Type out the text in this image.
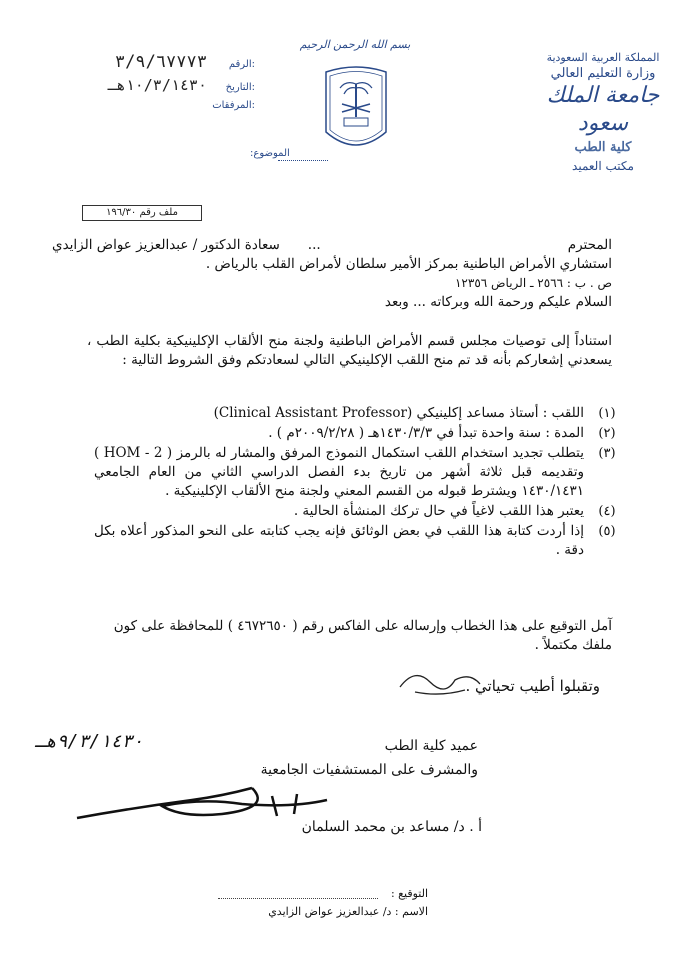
المملكة العربية السعودية
وزارة التعليم العالي
جامعة الملك سعود
كلية الطب
مكتب العميد
بسم الله الرحمن الرحيم
الرقم:
٣/٩/٦٧٧٧٣
التاريخ:
١٠/٣/١٤٣٠هـ
المرفقات:
الموضوع:
ملف رقم ١٩٦/٣٠
سعادة الدكتور / عبدالعزيز عواض الزايدي ...	المحترم
استشاري الأمراض الباطنية بمركز الأمير سلطان لأمراض القلب بالرياض .
ص . ب : ٢٥٦٦ ـ الرياض ١٢٣٥٦
السلام عليكم ورحمة الله وبركاته ... وبعد
استناداً إلى توصيات مجلس قسم الأمراض الباطنية ولجنة منح الألقاب الإكلينيكية بكلية الطب ، يسعدني إشعاركم بأنه قد تم منح اللقب الإكلينيكي التالي لسعادتكم وفق الشروط التالية :
(١)
اللقب : أستاذ مساعد إكلينيكي (Clinical Assistant Professor)
(٢)
المدة : سنة واحدة تبدأ في ١٤٣٠/٣/٣هـ ( ٢٠٠٩/٢/٢٨م ) .
(٣)
يتطلب تجديد استخدام اللقب استكمال النموذج المرفق والمشار له بالرمز ( HOM - 2 ) وتقديمه قبل ثلاثة أشهر من تاريخ بدء الفصل الدراسي الثاني من العام الجامعي ١٤٣٠/١٤٣١ ويشترط قبوله من القسم المعني ولجنة منح الألقاب الإكلينيكية .
(٤)
يعتبر هذا اللقب لاغياً في حال تركك المنشأة الحالية .
(٥)
إذا أردت كتابة هذا اللقب في بعض الوثائق فإنه يجب كتابته على النحو المذكور أعلاه بكل دقة .
آمل التوقيع على هذا الخطاب وإرساله على الفاكس رقم ( ٤٦٧٢٦٥٠ ) للمحافظة على كون ملفك مكتملاً .
وتقبلوا أطيب تحياتي .
٩/٣/١٤٣٠هـ	عميد كلية الطب
والمشرف على المستشفيات الجامعية
أ . د/ مساعد بن محمد السلمان
التوقيع :
الاسم : د/ عبدالعزيز عواض الزايدي
